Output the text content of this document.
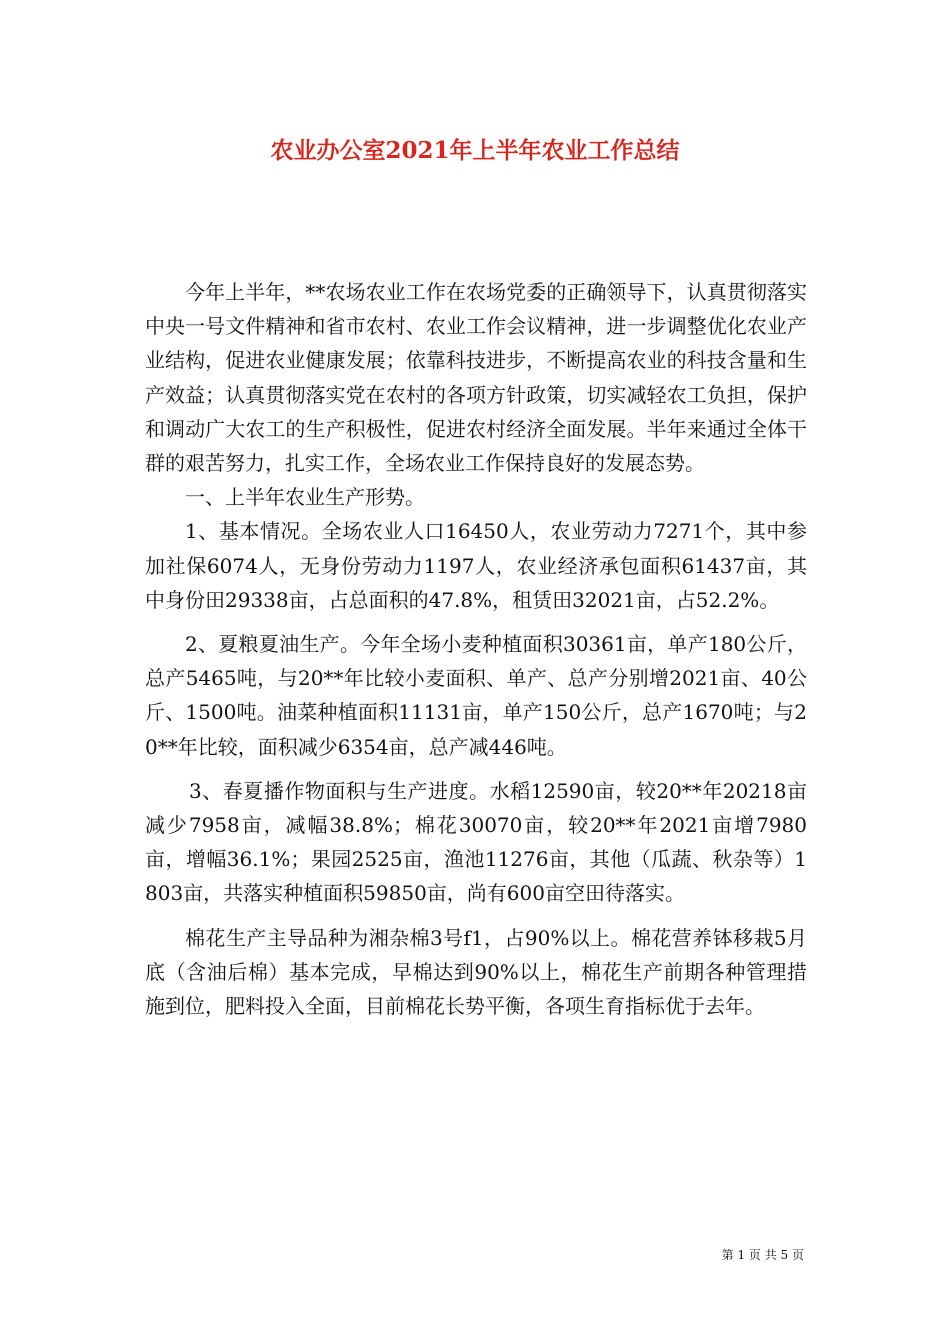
农业办公室2021年上半年农业工作总结

今年上半年，**农场农业工作在农场党委的正确领导下，认真贯彻落实中央一号文件精神和省市农村、农业工作会议精神，进一步调整优化农业产业结构，促进农业健康发展；依靠科技进步，不断提高农业的科技含量和生产效益；认真贯彻落实党在农村的各项方针政策，切实减轻农工负担，保护和调动广大农工的生产积极性，促进农村经济全面发展。半年来通过全体干群的艰苦努力，扎实工作，全场农业工作保持良好的发展态势。

一、上半年农业生产形势。

1、基本情况。全场农业人口16450人，农业劳动力7271个，其中参加社保6074人，无身份劳动力1197人，农业经济承包面积61437亩，其中身份田29338亩，占总面积的47.8%，租赁田32021亩，占52.2%。

2、夏粮夏油生产。今年全场小麦种植面积30361亩，单产180公斤，总产5465吨，与20**年比较小麦面积、单产、总产分别增2021亩、40公斤、1500吨。油菜种植面积11131亩，单产150公斤，总产1670吨；与20**年比较，面积减少6354亩，总产减446吨。

3、春夏播作物面积与生产进度。水稻12590亩，较20**年20218亩减少7958亩，减幅38.8%；棉花30070亩，较20**年2021亩增7980亩，增幅36.1%；果园2525亩，渔池11276亩，其他（瓜蔬、秋杂等）1803亩，共落实种植面积59850亩，尚有600亩空田待落实。

棉花生产主导品种为湘杂棉3号f1，占90%以上。棉花营养钵移栽5月底（含油后棉）基本完成，早棉达到90%以上，棉花生产前期各种管理措施到位，肥料投入全面，目前棉花长势平衡，各项生育指标优于去年。

第 1 页 共 5 页
